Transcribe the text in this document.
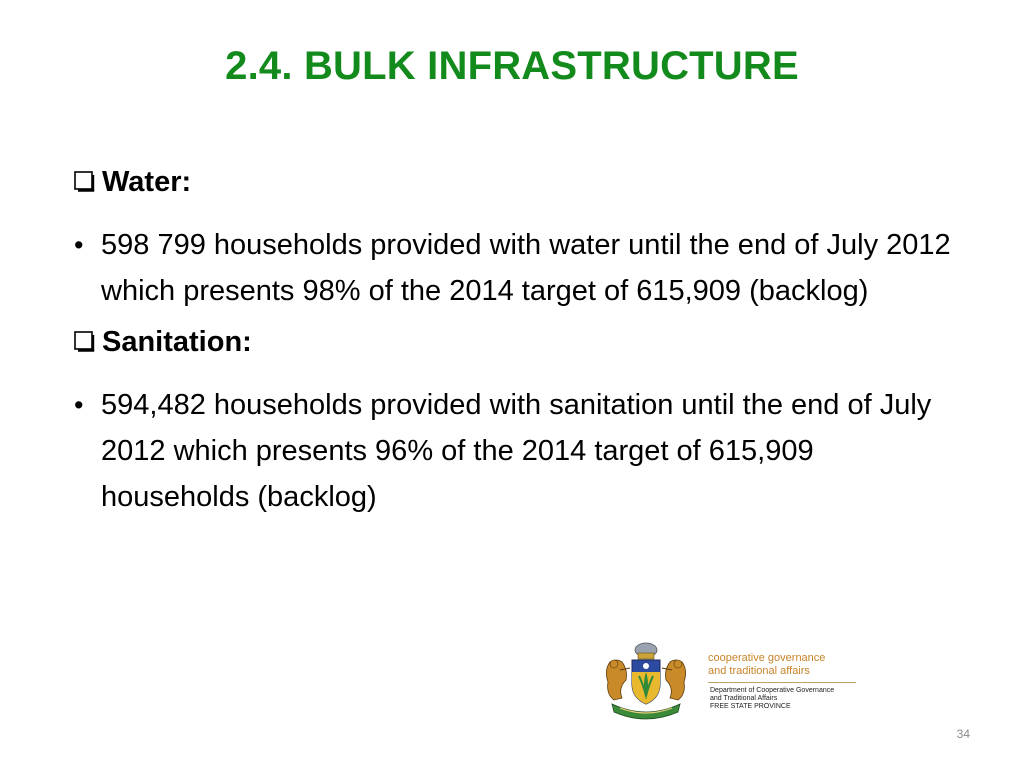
2.4. BULK INFRASTRUCTURE
Water:
• 598 799 households provided with water until the end of July 2012 which presents 98% of the 2014 target of 615,909 (backlog)
Sanitation:
• 594,482 households provided with sanitation until the end of July 2012 which presents 96% of the 2014 target of 615,909 households (backlog)
cooperative governance
and traditional affairs
Department of Cooperative Governance
and Traditional Affairs
FREE STATE PROVINCE
34
